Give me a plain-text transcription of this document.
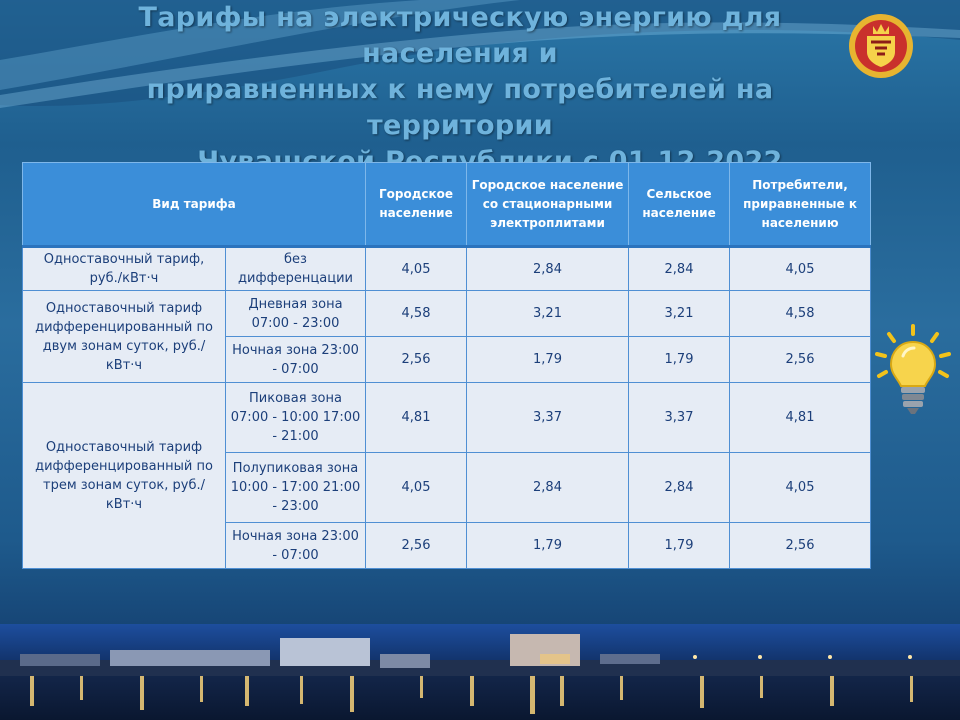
Тарифы на электрическую энергию для населения и
приравненных к нему потребителей на территории
Вид тарифа		Городское население	Городское население со стационарными электроплитами	Сельское население	Потребители, приравненные к населению
Одноставочный тариф, руб./кВт·ч	без дифференцации	4,05	2,84	2,84	4,05
Одноставочный тариф дифференцированный по двум зонам суток, руб./кВт·ч	Дневная зона 07:00 - 23:00	4,58	3,21	3,21	4,58
	Ночная зона 23:00 - 07:00	2,56	1,79	1,79	2,56
Одноставочный тариф дифференцированный по трем зонам суток, руб./кВт·ч	Пиковая зона 07:00 - 10:00 17:00 - 21:00	4,81	3,37	3,37	4,81
	Полупиковая зона 10:00 - 17:00 21:00 - 23:00	4,05	2,84	2,84	4,05
	Ночная зона 23:00 - 07:00	2,56	1,79	1,79	2,56
